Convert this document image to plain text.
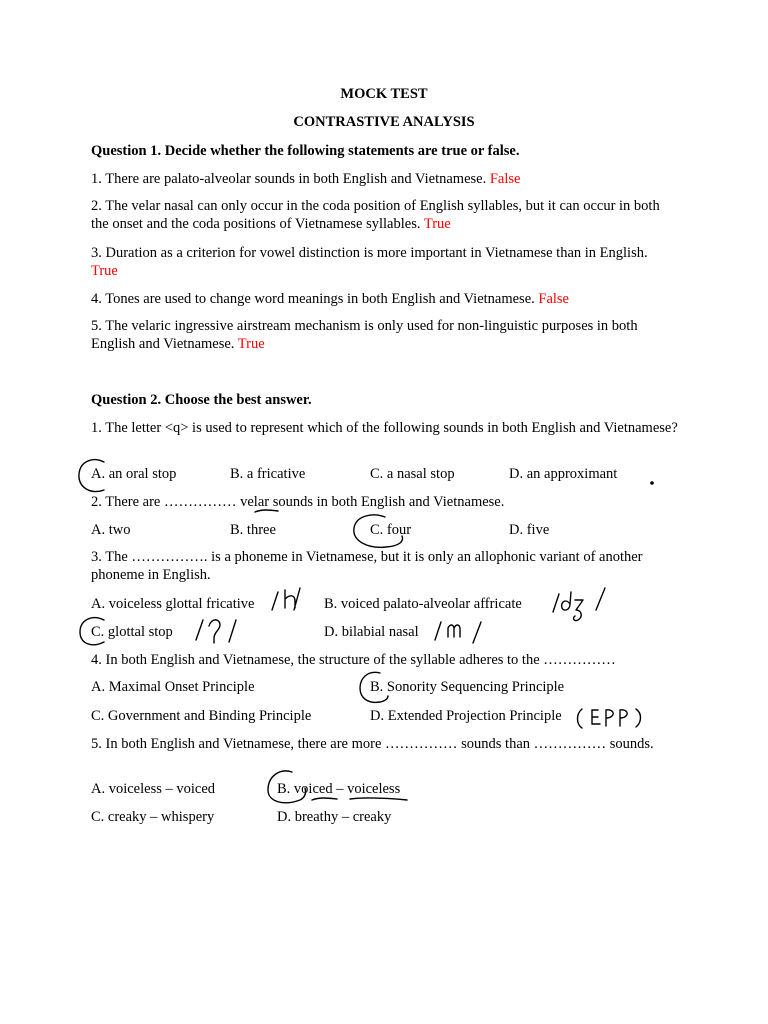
MOCK TEST
CONTRASTIVE ANALYSIS
Question 1. Decide whether the following statements are true or false.
1. There are palato-alveolar sounds in both English and Vietnamese. False
2. The velar nasal can only occur in the coda position of English syllables, but it can occur in both the onset and the coda positions of Vietnamese syllables. True
3. Duration as a criterion for vowel distinction is more important in Vietnamese than in English.   True
4. Tones are used to change word meanings in both English and Vietnamese. False
5. The velaric ingressive airstream mechanism is only used for non-linguistic purposes in both English and Vietnamese. True
Question 2. Choose the best answer.
1. The letter <q> is used to represent which of the following sounds in both English and Vietnamese?
A. an oral stop	B. a fricative	C. a nasal stop	D. an approximant
2. There are …………… velar sounds in both English and Vietnamese.
A. two	B. three	C. four	D. five
3. The ……………. is a phoneme in Vietnamese, but it is only an allophonic variant of another phoneme in English.
A. voiceless glottal fricative	B. voiced palato-alveolar affricate
C. glottal stop	D. bilabial nasal
4. In both English and Vietnamese, the structure of the syllable adheres to the ……………
A. Maximal Onset Principle	B. Sonority Sequencing Principle
C. Government and Binding Principle	D. Extended Projection Principle
5. In both English and Vietnamese, there are more …………… sounds than …………… sounds.
A. voiceless – voiced	B. voiced – voiceless
C. creaky – whispery	D. breathy – creaky
